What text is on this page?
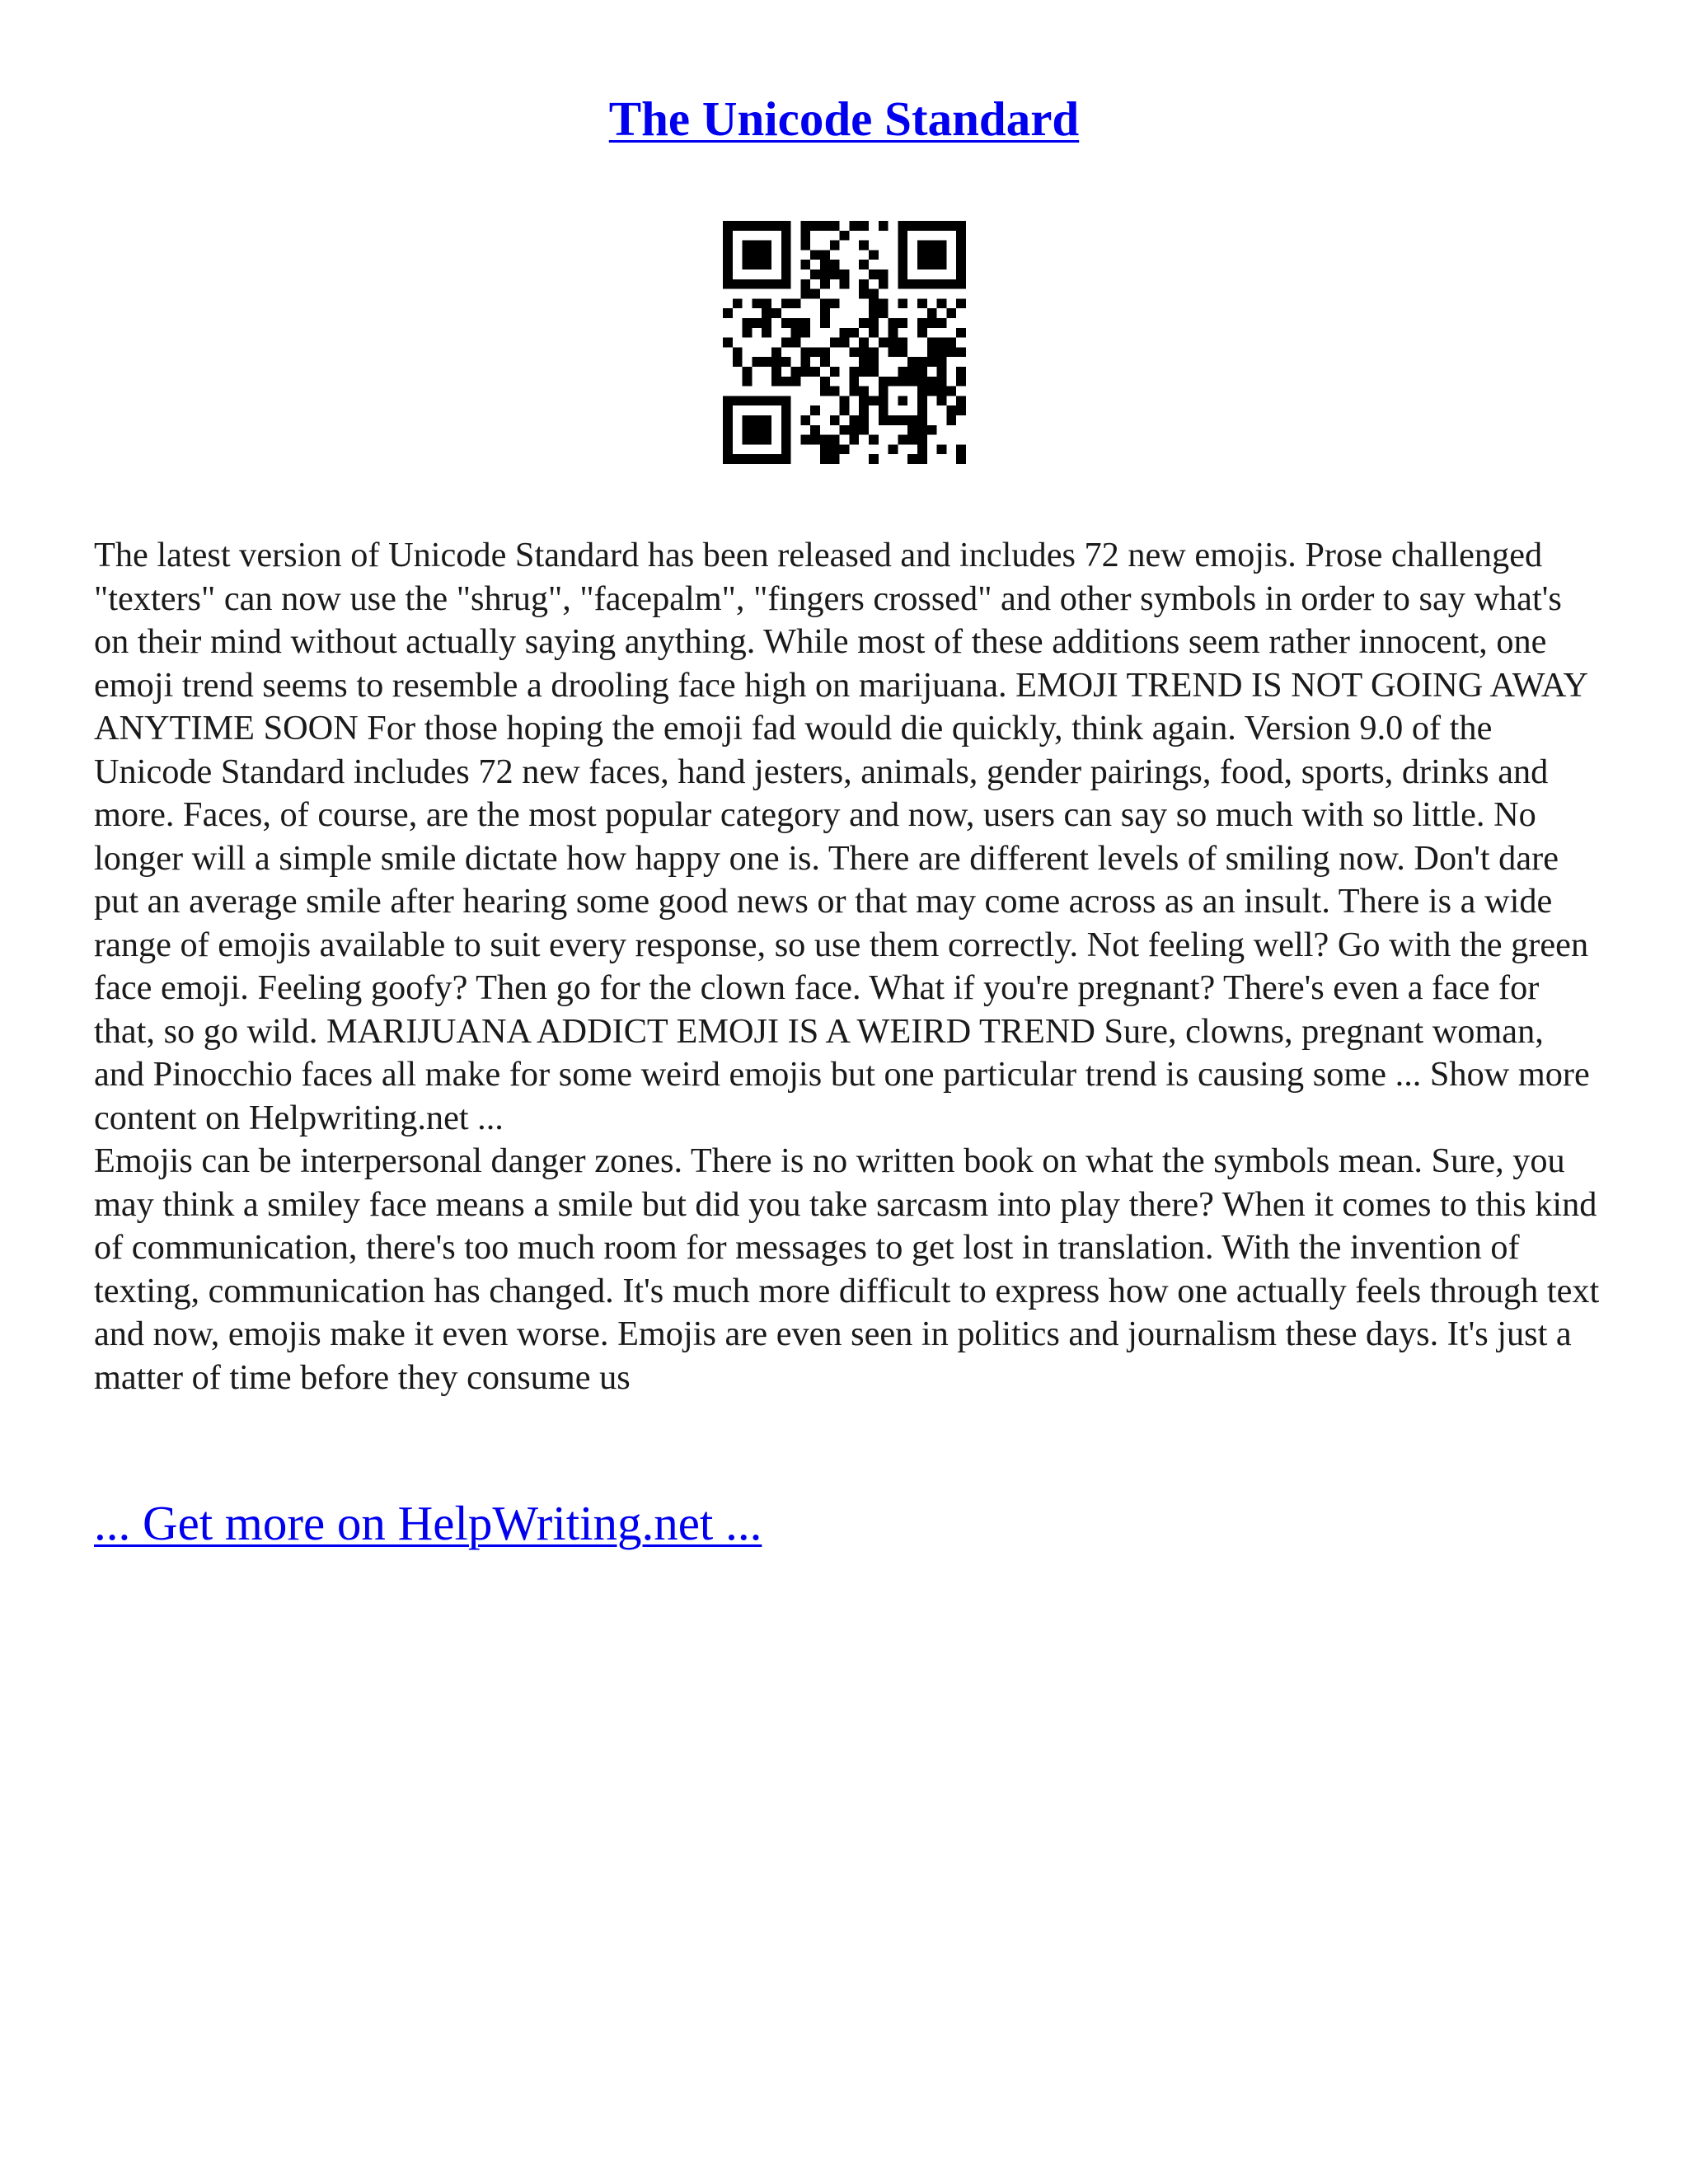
The Unicode Standard

The latest version of Unicode Standard has been released and includes 72 new emojis. Prose challenged "texters" can now use the "shrug", "facepalm", "fingers crossed" and other symbols in order to say what's on their mind without actually saying anything. While most of these additions seem rather innocent, one emoji trend seems to resemble a drooling face high on marijuana. EMOJI TREND IS NOT GOING AWAY ANYTIME SOON For those hoping the emoji fad would die quickly, think again. Version 9.0 of the Unicode Standard includes 72 new faces, hand jesters, animals, gender pairings, food, sports, drinks and more. Faces, of course, are the most popular category and now, users can say so much with so little. No longer will a simple smile dictate how happy one is. There are different levels of smiling now. Don't dare put an average smile after hearing some good news or that may come across as an insult. There is a wide range of emojis available to suit every response, so use them correctly. Not feeling well? Go with the green face emoji. Feeling goofy? Then go for the clown face. What if you're pregnant? There's even a face for that, so go wild. MARIJUANA ADDICT EMOJI IS A WEIRD TREND Sure, clowns, pregnant woman, and Pinocchio faces all make for some weird emojis but one particular trend is causing some ... Show more content on Helpwriting.net ...

Emojis can be interpersonal danger zones. There is no written book on what the symbols mean. Sure, you may think a smiley face means a smile but did you take sarcasm into play there? When it comes to this kind of communication, there's too much room for messages to get lost in translation. With the invention of texting, communication has changed. It's much more difficult to express how one actually feels through text and now, emojis make it even worse. Emojis are even seen in politics and journalism these days. It's just a matter of time before they consume us

... Get more on HelpWriting.net ...
